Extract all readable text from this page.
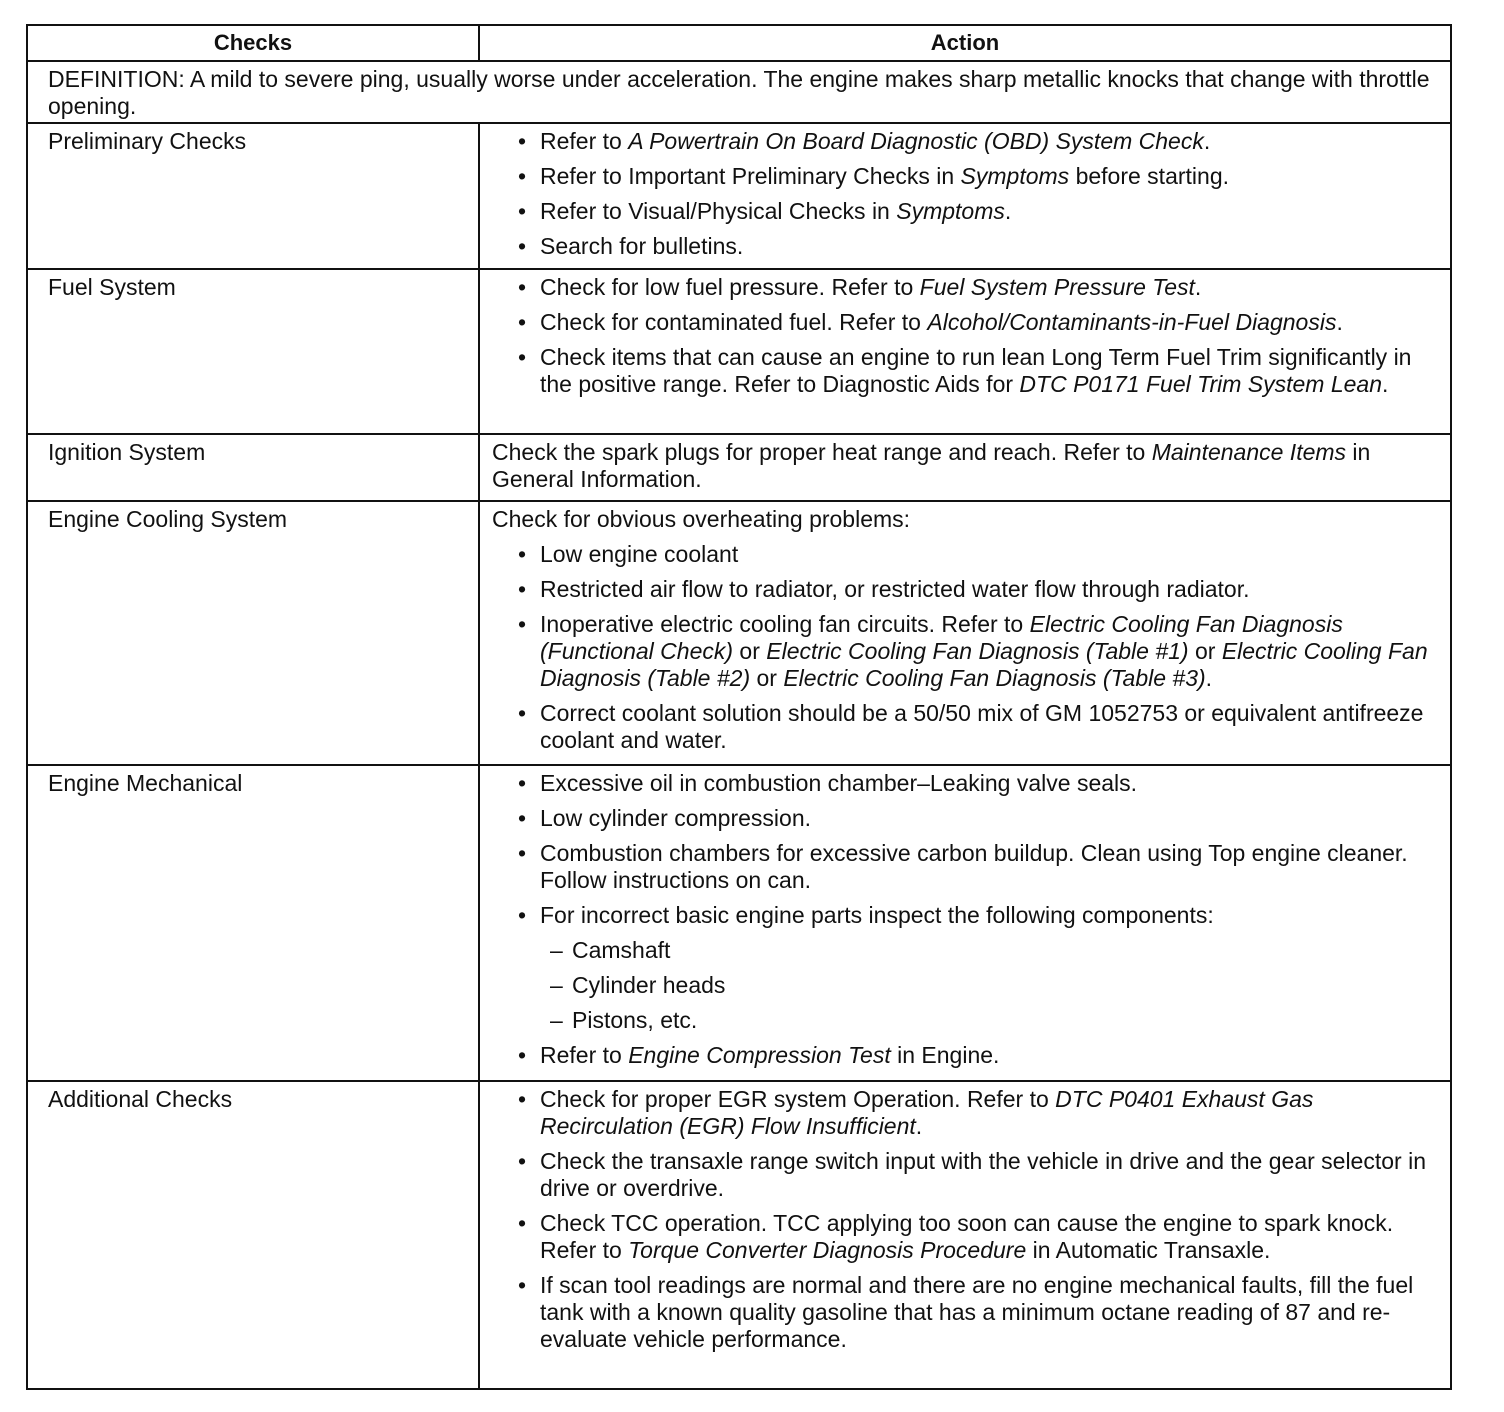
Checks	Action
DEFINITION: A mild to severe ping, usually worse under acceleration. The engine makes sharp metallic knocks that change with throttle opening.
Preliminary Checks	• Refer to A Powertrain On Board Diagnostic (OBD) System Check.
• Refer to Important Preliminary Checks in Symptoms before starting.
• Refer to Visual/Physical Checks in Symptoms.
• Search for bulletins.
Fuel System	• Check for low fuel pressure. Refer to Fuel System Pressure Test.
• Check for contaminated fuel. Refer to Alcohol/Contaminants-in-Fuel Diagnosis.
• Check items that can cause an engine to run lean Long Term Fuel Trim significantly in the positive range. Refer to Diagnostic Aids for DTC P0171 Fuel Trim System Lean.
Ignition System	Check the spark plugs for proper heat range and reach. Refer to Maintenance Items in General Information.
Engine Cooling System	Check for obvious overheating problems:
• Low engine coolant
• Restricted air flow to radiator, or restricted water flow through radiator.
• Inoperative electric cooling fan circuits. Refer to Electric Cooling Fan Diagnosis (Functional Check) or Electric Cooling Fan Diagnosis (Table #1) or Electric Cooling Fan Diagnosis (Table #2) or Electric Cooling Fan Diagnosis (Table #3).
• Correct coolant solution should be a 50/50 mix of GM 1052753 or equivalent antifreeze coolant and water.
Engine Mechanical	• Excessive oil in combustion chamber–Leaking valve seals.
• Low cylinder compression.
• Combustion chambers for excessive carbon buildup. Clean using Top engine cleaner. Follow instructions on can.
• For incorrect basic engine parts inspect the following components:
– Camshaft
– Cylinder heads
– Pistons, etc.
• Refer to Engine Compression Test in Engine.
Additional Checks	• Check for proper EGR system Operation. Refer to DTC P0401 Exhaust Gas Recirculation (EGR) Flow Insufficient.
• Check the transaxle range switch input with the vehicle in drive and the gear selector in drive or overdrive.
• Check TCC operation. TCC applying too soon can cause the engine to spark knock. Refer to Torque Converter Diagnosis Procedure in Automatic Transaxle.
• If scan tool readings are normal and there are no engine mechanical faults, fill the fuel tank with a known quality gasoline that has a minimum octane reading of 87 and re-evaluate vehicle performance.
